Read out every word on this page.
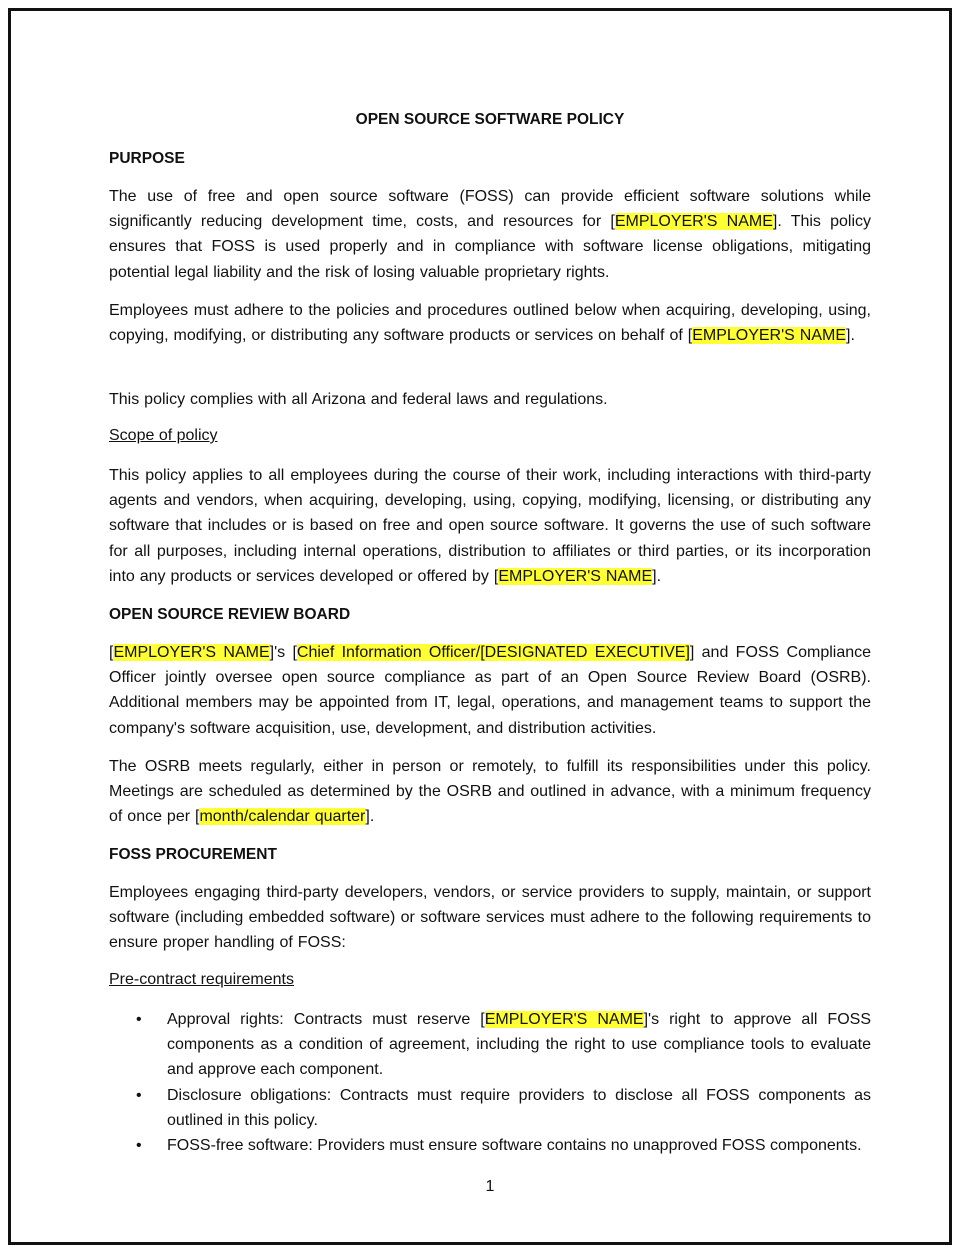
OPEN SOURCE SOFTWARE POLICY
PURPOSE

The use of free and open source software (FOSS) can provide efficient software solutions while significantly reducing development time, costs, and resources for [EMPLOYER'S NAME]. This policy ensures that FOSS is used properly and in compliance with software license obligations, mitigating potential legal liability and the risk of losing valuable proprietary rights.

Employees must adhere to the policies and procedures outlined below when acquiring, developing, using, copying, modifying, or distributing any software products or services on behalf of [EMPLOYER'S NAME].

This policy complies with all Arizona and federal laws and regulations.

Scope of policy

This policy applies to all employees during the course of their work, including interactions with third-party agents and vendors, when acquiring, developing, using, copying, modifying, licensing, or distributing any software that includes or is based on free and open source software. It governs the use of such software for all purposes, including internal operations, distribution to affiliates or third parties, or its incorporation into any products or services developed or offered by [EMPLOYER'S NAME].

OPEN SOURCE REVIEW BOARD

[EMPLOYER'S NAME]'s [Chief Information Officer/[DESIGNATED EXECUTIVE]] and FOSS Compliance Officer jointly oversee open source compliance as part of an Open Source Review Board (OSRB). Additional members may be appointed from IT, legal, operations, and management teams to support the company's software acquisition, use, development, and distribution activities.

The OSRB meets regularly, either in person or remotely, to fulfill its responsibilities under this policy. Meetings are scheduled as determined by the OSRB and outlined in advance, with a minimum frequency of once per [month/calendar quarter].

FOSS PROCUREMENT

Employees engaging third-party developers, vendors, or service providers to supply, maintain, or support software (including embedded software) or software services must adhere to the following requirements to ensure proper handling of FOSS:

Pre-contract requirements
• Approval rights: Contracts must reserve [EMPLOYER'S NAME]'s right to approve all FOSS components as a condition of agreement, including the right to use compliance tools to evaluate and approve each component.
• Disclosure obligations: Contracts must require providers to disclose all FOSS components as outlined in this policy.
• FOSS-free software: Providers must ensure software contains no unapproved FOSS components.
1
